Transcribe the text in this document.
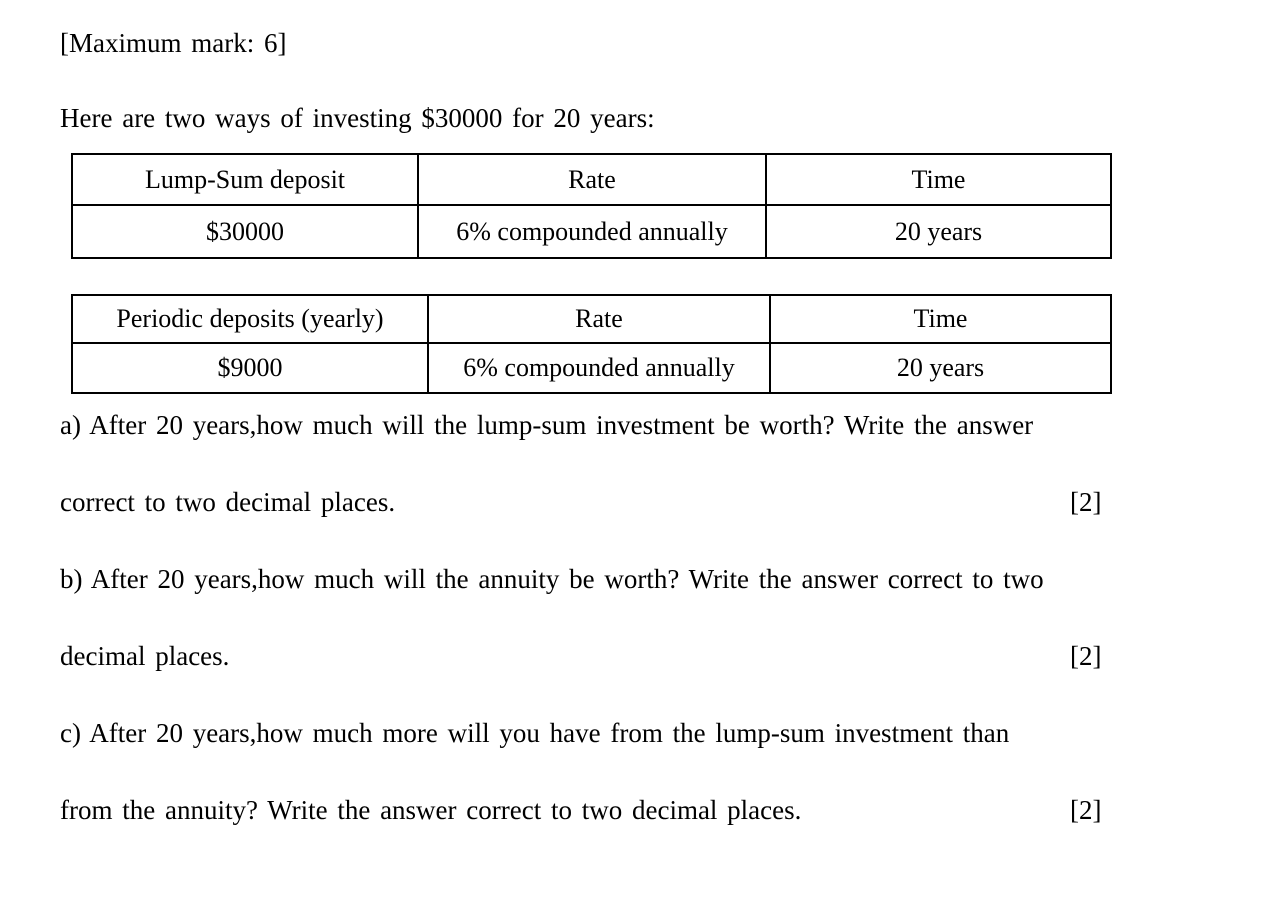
[Maximum mark: 6]
Here are two ways of investing $30000 for 20 years:
Lump-Sum deposit	Rate	Time
$30000	6% compounded annually	20 years
Periodic deposits (yearly)	Rate	Time
$9000	6% compounded annually	20 years
a) After 20 years,how much will the lump-sum investment be worth? Write the answer
correct to two decimal places.	[2]
b) After 20 years,how much will the annuity be worth? Write the answer correct to two
decimal places.	[2]
c) After 20 years,how much more will you have from the lump-sum investment than
from the annuity? Write the answer correct to two decimal places.	[2]
